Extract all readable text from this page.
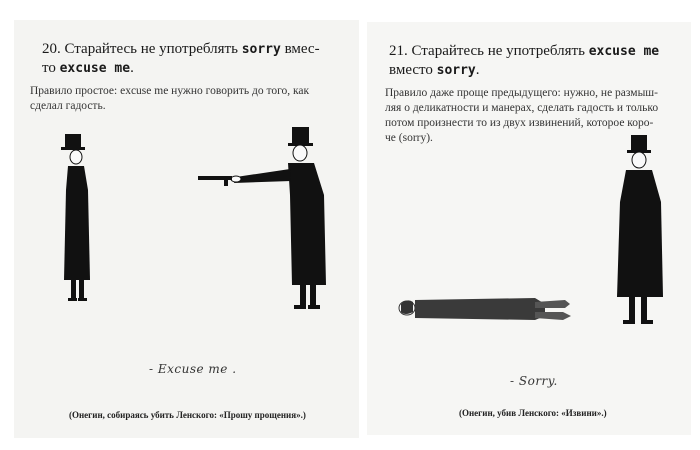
20. Старайтесь не употреблять sorry вмес-
то excuse me.
Правило простое: excuse me нужно говорить до того, как
сделал гадость.
- Excuse me .
(Онегин, собираясь убить Ленского: «Прошу прощения».)
21. Старайтесь не употреблять excuse me
вместо sorry.
Правило даже проще предыдущего: нужно, не размыш-
ляя о деликатности и манерах, сделать гадость и только
потом произнести то из двух извинений, которое коро-
че (sorry).
- Sorry.
(Онегин, убив Ленского: «Извини».)
